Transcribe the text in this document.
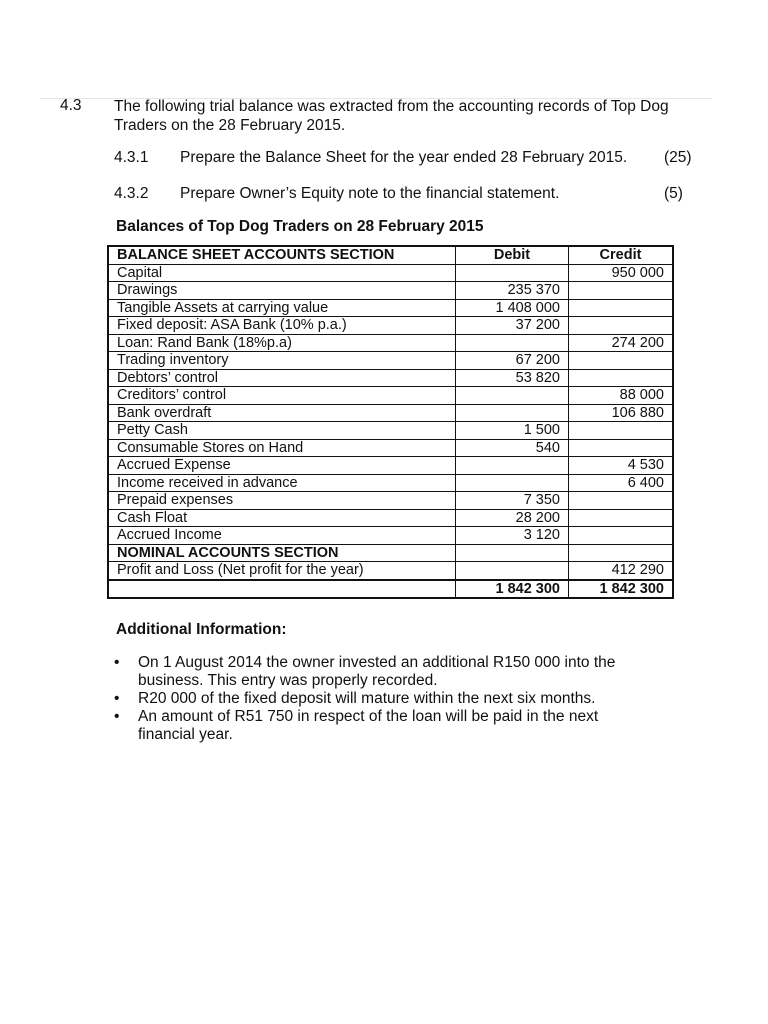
4.3 The following trial balance was extracted from the accounting records of Top Dog Traders on the 28 February 2015.
4.3.1 Prepare the Balance Sheet for the year ended 28 February 2015. (25)
4.3.2 Prepare Owner’s Equity note to the financial statement.	(5)
Balances of Top Dog Traders on 28 February 2015
BALANCE SHEET ACCOUNTS SECTION	Debit	Credit
Capital		950 000
Drawings	235 370	
Tangible Assets at carrying value	1 408 000	
Fixed deposit: ASA Bank (10% p.a.)	37 200	
Loan: Rand Bank (18%p.a)		274 200
Trading inventory	67 200	
Debtors’ control	53 820	
Creditors’ control		88 000
Bank overdraft		106 880
Petty Cash	1 500	
Consumable Stores on Hand	540	
Accrued Expense		4 530
Income received in advance		6 400
Prepaid expenses	7 350	
Cash Float	28 200	
Accrued Income	3 120	
NOMINAL ACCOUNTS SECTION		
Profit and Loss (Net profit for the year)		412 290
	1 842 300	1 842 300
Additional Information:
• On 1 August 2014 the owner invested an additional R150 000 into the business. This entry was properly recorded.
• R20 000 of the fixed deposit will mature within the next six months.
• An amount of R51 750 in respect of the loan will be paid in the next financial year.
